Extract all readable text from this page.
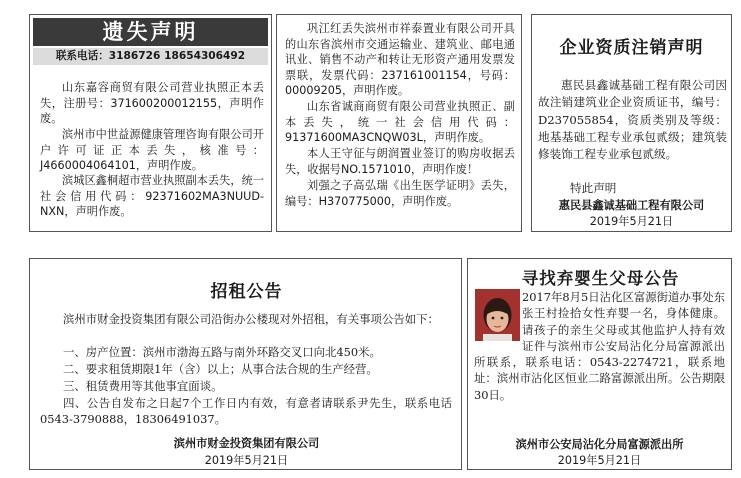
遗失声明
联系电话：3186726 18654306492

山东嘉容商贸有限公司营业执照正本丢失，注册号：371600200012155，声明作废。

滨州市中世益源健康管理咨询有限公司开户许可证正本丢失，核准号：J4660004064101，声明作废。

滨城区鑫桐超市营业执照副本丢失，统一社会信用代码：92371602MA3NUUD-NXN，声明作废。

巩江红丢失滨州市祥泰置业有限公司开具的山东省滨州市交通运输业、建筑业、邮电通讯业、销售不动产和转让无形资产通用发票发票联，发票代码：237161001154，号码：00009205，声明作废。

山东省诚商商贸有限公司营业执照正、副本丢失，统一社会信用代码：91371600MA3CNQW03L，声明作废。

本人王守征与朗润置业签订的购房收据丢失，收据号NO.1571010，声明作废！

刘强之子高弘瑞《出生医学证明》丢失，编号：H370775000，声明作废。

企业资质注销声明

惠民县鑫诚基础工程有限公司因故注销建筑业企业资质证书，编号：D237055854，资质类别及等级：地基基础工程专业承包贰级；建筑装修装饰工程专业承包贰级。

特此声明

惠民县鑫诚基础工程有限公司
2019年5月21日
招租公告

滨州市财金投资集团有限公司沿街办公楼现对外招租，有关事项公告如下：

一、房产位置：滨州市渤海五路与南外环路交叉口向北450米。

二、要求租赁期限1年（含）以上；从事合法合规的生产经营。

三、租赁费用等其他事宜面谈。

四、公告自发布之日起7个工作日内有效，有意者请联系尹先生，联系电话0543-3790888，18306491037。

滨州市财金投资集团有限公司
2019年5月21日
寻找弃婴生父母公告

2017年8月5日沾化区富源街道办事处东张王村捡拾女性弃婴一名，身体健康。请孩子的亲生父母或其他监护人持有效证件与滨州市公安局沾化分局富源派出所联系，联系电话：0543-2274721，联系地址：滨州市沾化区恒业二路富源派出所。公告期限30日。

滨州市公安局沾化分局富源派出所
2019年5月21日
